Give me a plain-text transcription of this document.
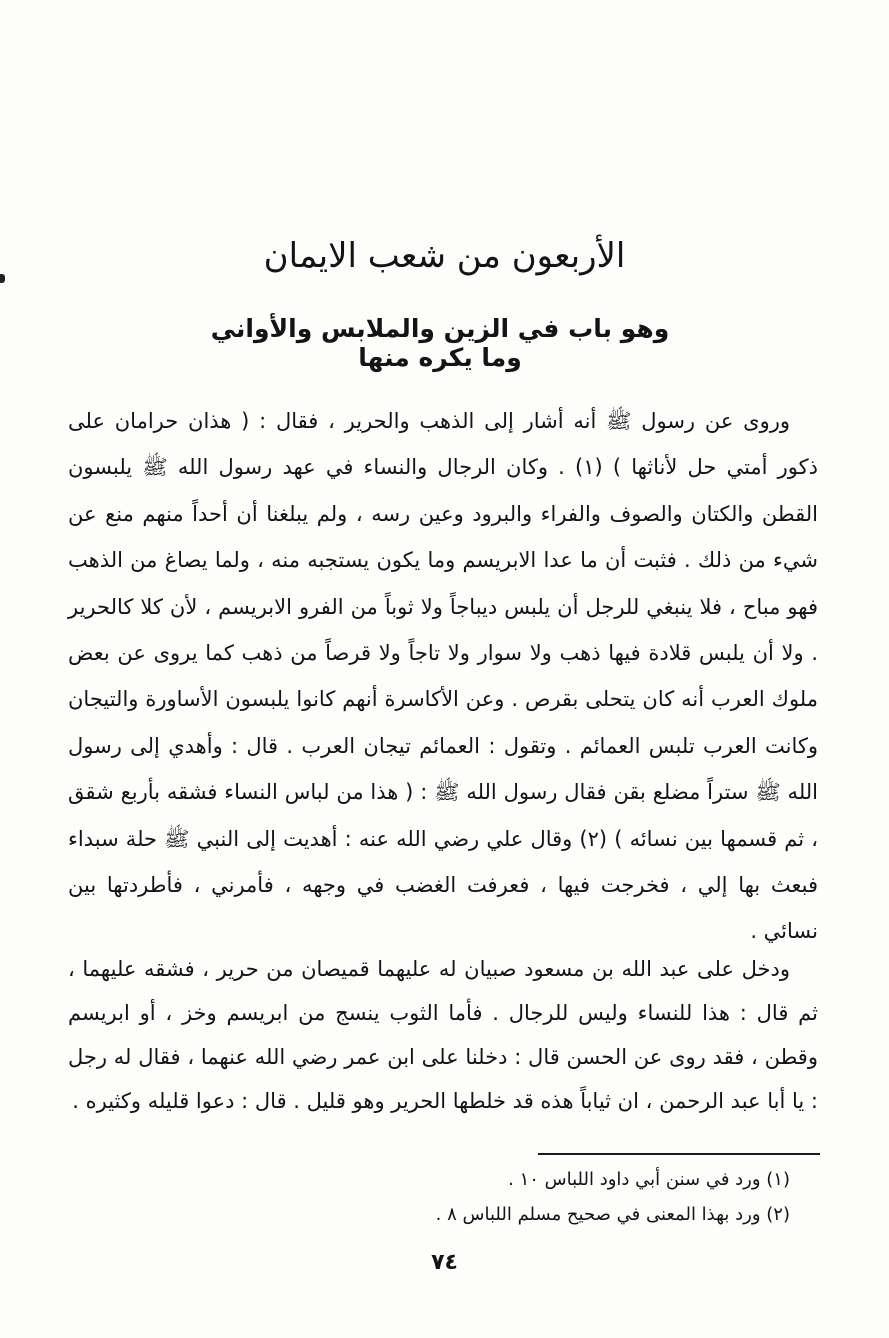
الأربعون من شعب الايمان
وهو باب في الزين والملابس والأواني وما يكره منها
وروى عن رسول ﷺ أنه أشار إلى الذهب والحرير ، فقال : ( هذان حرامان على ذكور أمتي حل لأناثها ) (١) . وكان الرجال والنساء في عهد رسول الله ﷺ يلبسون القطن والكتان والصوف والفراء والبرود وعين رسه ، ولم يبلغنا أن أحداً منهم منع عن شيء من ذلك . فثبت أن ما عدا الابريسم وما يكون يستجبه منه ، ولما يصاغ من الذهب فهو مباح ، فلا ينبغي للرجل أن يلبس ديباجاً ولا ثوباً من الفرو الابريسم ، لأن كلا كالحرير . ولا أن يلبس قلادة فيها ذهب ولا سوار ولا تاجاً ولا قرصاً من ذهب كما يروى عن بعض ملوك العرب أنه كان يتحلى بقرص . وعن الأكاسرة أنهم كانوا يلبسون الأساورة والتيجان وكانت العرب تلبس العمائم . وتقول : العمائم تيجان العرب . قال : وأهدي إلى رسول الله ﷺ ستراً مضلع بقن فقال رسول الله ﷺ : ( هذا من لباس النساء فشقه بأربع شقق ، ثم قسمها بين نسائه ) (٢) وقال علي رضي الله عنه : أهديت إلى النبي ﷺ حلة سبداء فبعث بها إلي ، فخرجت فيها ، فعرفت الغضب في وجهه ، فأمرني ، فأطردتها بين نسائي .
ودخل على عبد الله بن مسعود صبيان له عليهما قميصان من حرير ، فشقه عليهما ، ثم قال : هذا للنساء وليس للرجال . فأما الثوب ينسج من ابريسم وخز ، أو ابريسم وقطن ، فقد روى عن الحسن قال : دخلنا على ابن عمر رضي الله عنهما ، فقال له رجل : يا أبا عبد الرحمن ، ان ثياباً هذه قد خلطها الحرير وهو قليل . قال : دعوا قليله وكثيره .
(١) ورد في سنن أبي داود اللباس ١٠ .
(٢) ورد بهذا المعنى في صحيح مسلم اللباس ٨ .
٧٤
